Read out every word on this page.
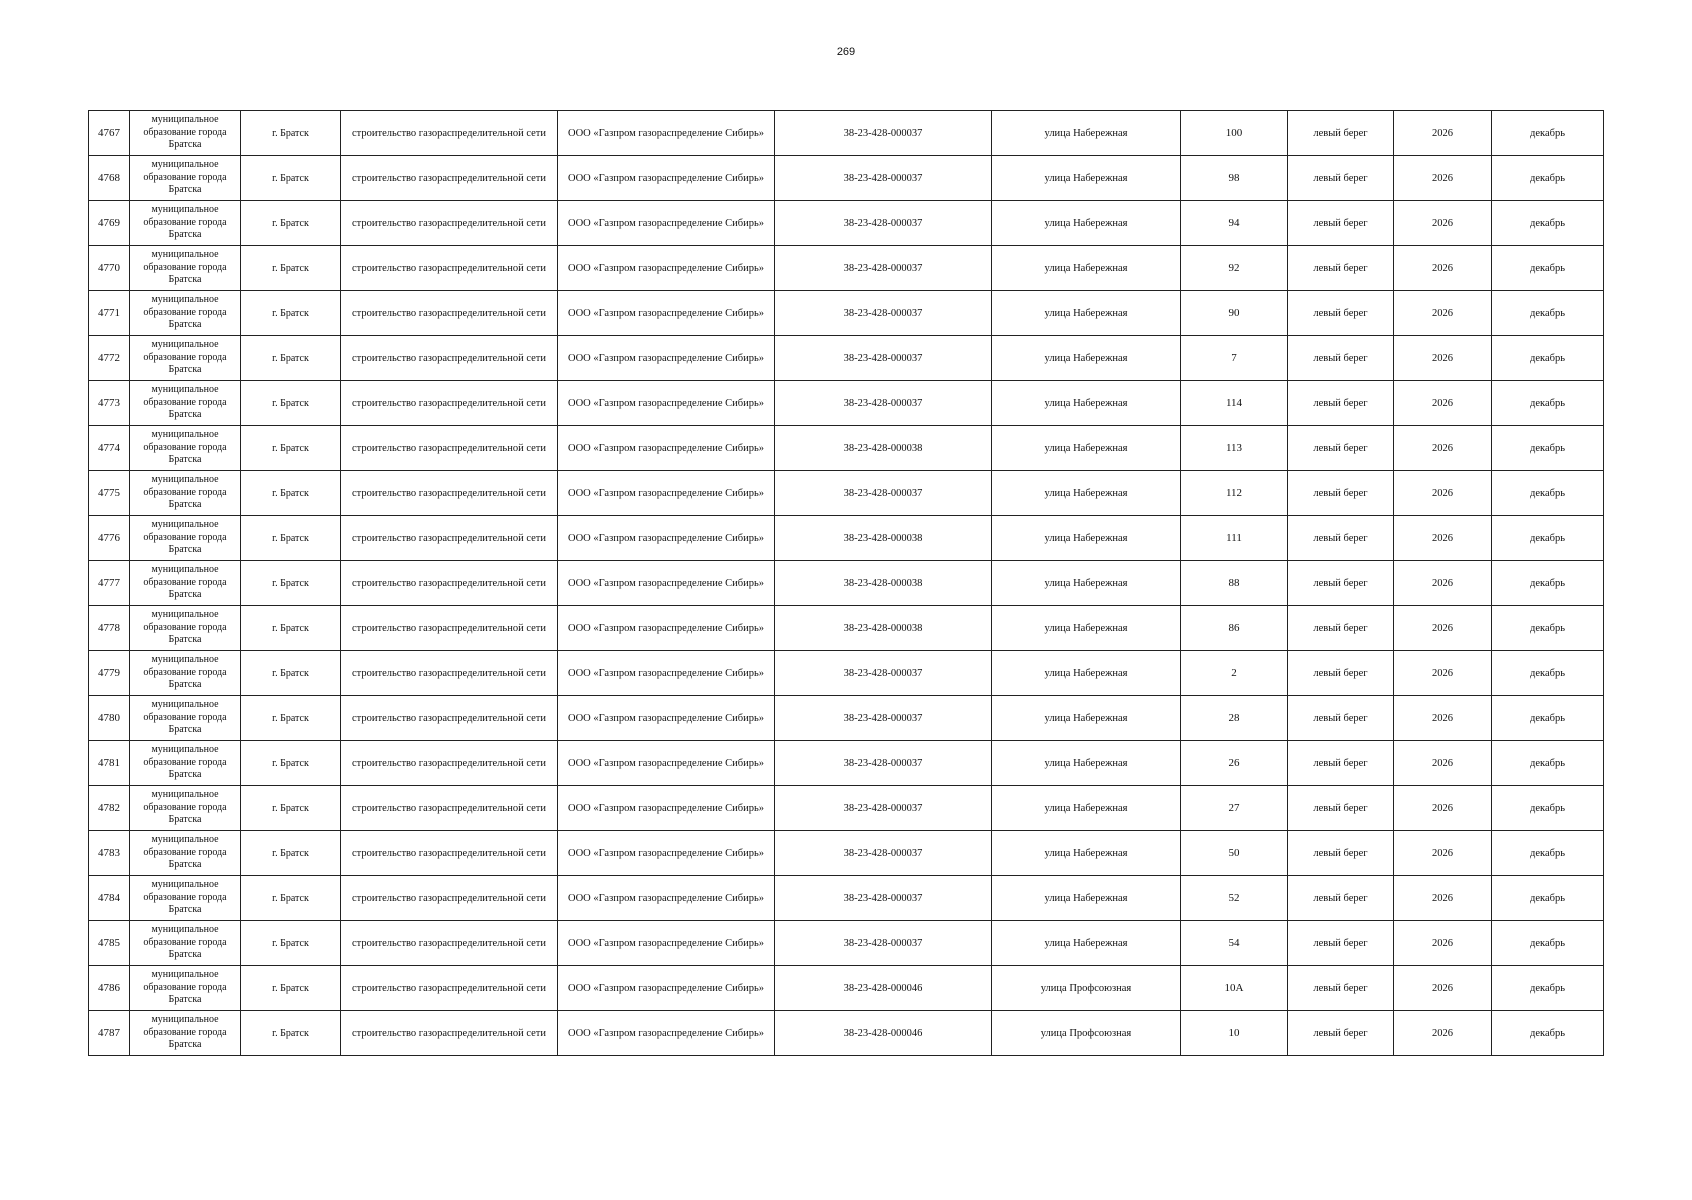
269
4767	муниципальное образование города Братска	г. Братск	строительство газораспределительной сети	ООО «Газпром газораспределение Сибирь»	38-23-428-000037	улица Набережная	100	левый берег	2026	декабрь
4768	муниципальное образование города Братска	г. Братск	строительство газораспределительной сети	ООО «Газпром газораспределение Сибирь»	38-23-428-000037	улица Набережная	98	левый берег	2026	декабрь
4769	муниципальное образование города Братска	г. Братск	строительство газораспределительной сети	ООО «Газпром газораспределение Сибирь»	38-23-428-000037	улица Набережная	94	левый берег	2026	декабрь
4770	муниципальное образование города Братска	г. Братск	строительство газораспределительной сети	ООО «Газпром газораспределение Сибирь»	38-23-428-000037	улица Набережная	92	левый берег	2026	декабрь
4771	муниципальное образование города Братска	г. Братск	строительство газораспределительной сети	ООО «Газпром газораспределение Сибирь»	38-23-428-000037	улица Набережная	90	левый берег	2026	декабрь
4772	муниципальное образование города Братска	г. Братск	строительство газораспределительной сети	ООО «Газпром газораспределение Сибирь»	38-23-428-000037	улица Набережная	7	левый берег	2026	декабрь
4773	муниципальное образование города Братска	г. Братск	строительство газораспределительной сети	ООО «Газпром газораспределение Сибирь»	38-23-428-000037	улица Набережная	114	левый берег	2026	декабрь
4774	муниципальное образование города Братска	г. Братск	строительство газораспределительной сети	ООО «Газпром газораспределение Сибирь»	38-23-428-000038	улица Набережная	113	левый берег	2026	декабрь
4775	муниципальное образование города Братска	г. Братск	строительство газораспределительной сети	ООО «Газпром газораспределение Сибирь»	38-23-428-000037	улица Набережная	112	левый берег	2026	декабрь
4776	муниципальное образование города Братска	г. Братск	строительство газораспределительной сети	ООО «Газпром газораспределение Сибирь»	38-23-428-000038	улица Набережная	111	левый берег	2026	декабрь
4777	муниципальное образование города Братска	г. Братск	строительство газораспределительной сети	ООО «Газпром газораспределение Сибирь»	38-23-428-000038	улица Набережная	88	левый берег	2026	декабрь
4778	муниципальное образование города Братска	г. Братск	строительство газораспределительной сети	ООО «Газпром газораспределение Сибирь»	38-23-428-000038	улица Набережная	86	левый берег	2026	декабрь
4779	муниципальное образование города Братска	г. Братск	строительство газораспределительной сети	ООО «Газпром газораспределение Сибирь»	38-23-428-000037	улица Набережная	2	левый берег	2026	декабрь
4780	муниципальное образование города Братска	г. Братск	строительство газораспределительной сети	ООО «Газпром газораспределение Сибирь»	38-23-428-000037	улица Набережная	28	левый берег	2026	декабрь
4781	муниципальное образование города Братска	г. Братск	строительство газораспределительной сети	ООО «Газпром газораспределение Сибирь»	38-23-428-000037	улица Набережная	26	левый берег	2026	декабрь
4782	муниципальное образование города Братска	г. Братск	строительство газораспределительной сети	ООО «Газпром газораспределение Сибирь»	38-23-428-000037	улица Набережная	27	левый берег	2026	декабрь
4783	муниципальное образование города Братска	г. Братск	строительство газораспределительной сети	ООО «Газпром газораспределение Сибирь»	38-23-428-000037	улица Набережная	50	левый берег	2026	декабрь
4784	муниципальное образование города Братска	г. Братск	строительство газораспределительной сети	ООО «Газпром газораспределение Сибирь»	38-23-428-000037	улица Набережная	52	левый берег	2026	декабрь
4785	муниципальное образование города Братска	г. Братск	строительство газораспределительной сети	ООО «Газпром газораспределение Сибирь»	38-23-428-000037	улица Набережная	54	левый берег	2026	декабрь
4786	муниципальное образование города Братска	г. Братск	строительство газораспределительной сети	ООО «Газпром газораспределение Сибирь»	38-23-428-000046	улица Профсоюзная	10А	левый берег	2026	декабрь
4787	муниципальное образование города Братска	г. Братск	строительство газораспределительной сети	ООО «Газпром газораспределение Сибирь»	38-23-428-000046	улица Профсоюзная	10	левый берег	2026	декабрь
